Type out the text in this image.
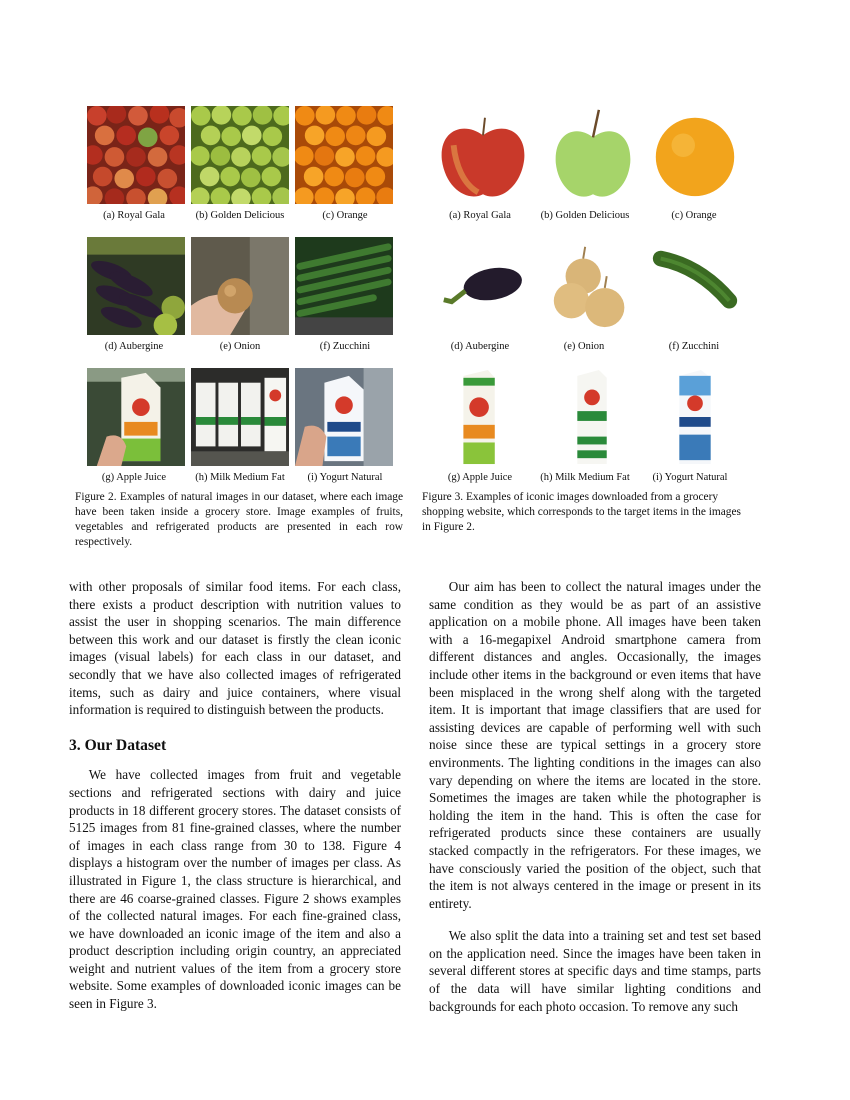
(a) Royal Gala	(b) Golden Delicious	(c) Orange
(d) Aubergine	(e) Onion	(f) Zucchini
(g) Apple Juice	(h) Milk Medium Fat	(i) Yogurt Natural
Figure 2. Examples of natural images in our dataset, where each image have been taken inside a grocery store. Image examples of fruits, vegetables and refrigerated products are presented in each row respectively.
(a) Royal Gala	(b) Golden Delicious	(c) Orange
(d) Aubergine	(e) Onion	(f) Zucchini
(g) Apple Juice	(h) Milk Medium Fat	(i) Yogurt Natural
Figure 3. Examples of iconic images downloaded from a grocery shopping website, which corresponds to the target items in the images in Figure 2.

with other proposals of similar food items. For each class, there exists a product description with nutrition values to assist the user in shopping scenarios. The main difference between this work and our dataset is firstly the clean iconic images (visual labels) for each class in our dataset, and secondly that we have also collected images of refrigerated items, such as dairy and juice containers, where visual information is required to distinguish between the products.

3. Our Dataset

We have collected images from fruit and vegetable sections and refrigerated sections with dairy and juice products in 18 different grocery stores. The dataset consists of 5125 images from 81 fine-grained classes, where the number of images in each class range from 30 to 138. Figure 4 displays a histogram over the number of images per class. As illustrated in Figure 1, the class structure is hierarchical, and there are 46 coarse-grained classes. Figure 2 shows examples of the collected natural images. For each fine-grained class, we have downloaded an iconic image of the item and also a product description including origin country, an appreciated weight and nutrient values of the item from a grocery store website. Some examples of downloaded iconic images can be seen in Figure 3.

Our aim has been to collect the natural images under the same condition as they would be as part of an assistive application on a mobile phone. All images have been taken with a 16-megapixel Android smartphone camera from different distances and angles. Occasionally, the images include other items in the background or even items that have been misplaced in the wrong shelf along with the targeted item. It is important that image classifiers that are used for assisting devices are capable of performing well with such noise since these are typical settings in a grocery store environments. The lighting conditions in the images can also vary depending on where the items are located in the store. Sometimes the images are taken while the photographer is holding the item in the hand. This is often the case for refrigerated products since these containers are usually stacked compactly in the refrigerators. For these images, we have consciously varied the position of the object, such that the item is not always centered in the image or present in its entirety.

We also split the data into a training set and test set based on the application need. Since the images have been taken in several different stores at specific days and time stamps, parts of the data will have similar lighting conditions and backgrounds for each photo occasion. To remove any such
